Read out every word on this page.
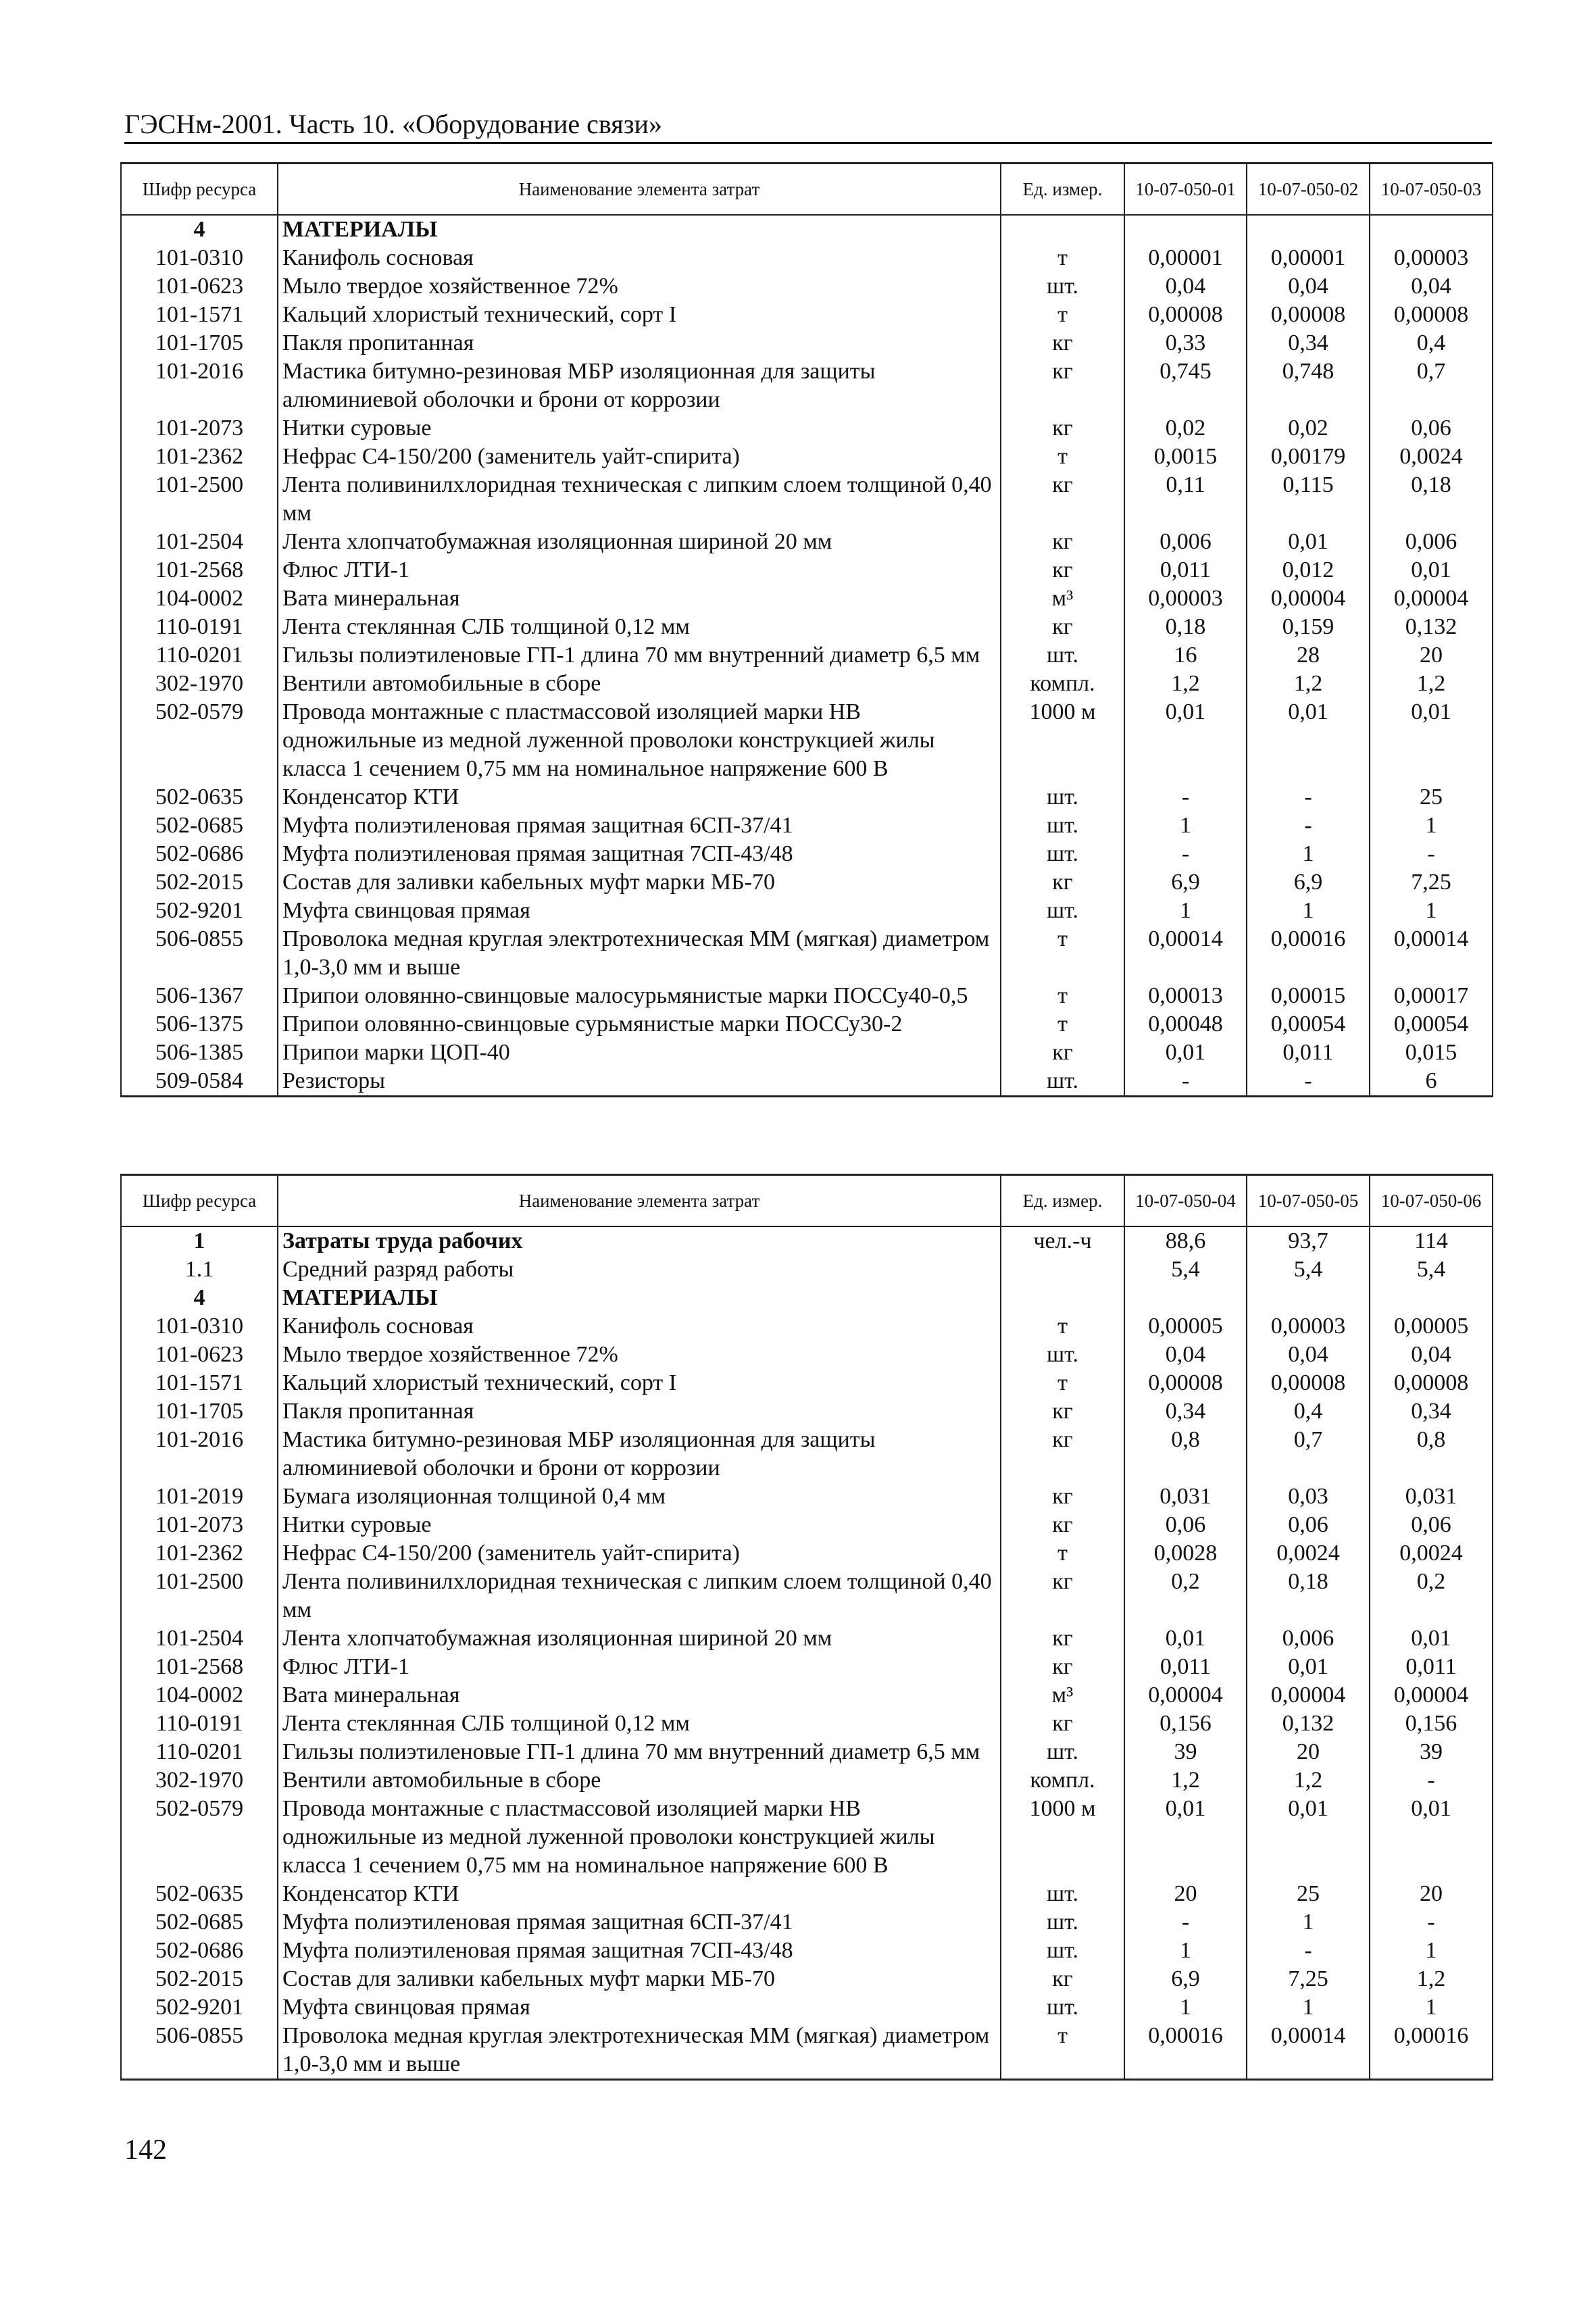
ГЭСНм-2001. Часть 10. «Оборудование связи»
Шифр ресурса	Наименование элемента затрат	Ед. измер.	10-07-050-01	10-07-050-02	10-07-050-03
4	МАТЕРИАЛЫ				
101-0310	Канифоль сосновая	т	0,00001	0,00001	0,00003
101-0623	Мыло твердое хозяйственное 72%	шт.	0,04	0,04	0,04
101-1571	Кальций хлористый технический, сорт I	т	0,00008	0,00008	0,00008
101-1705	Пакля пропитанная	кг	0,33	0,34	0,4
101-2016	Мастика битумно-резиновая МБР изоляционная для защиты алюминиевой оболочки и брони от коррозии	кг	0,745	0,748	0,7
101-2073	Нитки суровые	кг	0,02	0,02	0,06
101-2362	Нефрас С4-150/200 (заменитель уайт-спирита)	т	0,0015	0,00179	0,0024
101-2500	Лента поливинилхлоридная техническая с липким слоем толщиной 0,40 мм	кг	0,11	0,115	0,18
101-2504	Лента хлопчатобумажная изоляционная шириной 20 мм	кг	0,006	0,01	0,006
101-2568	Флюс ЛТИ-1	кг	0,011	0,012	0,01
104-0002	Вата минеральная	м³	0,00003	0,00004	0,00004
110-0191	Лента стеклянная СЛБ толщиной 0,12 мм	кг	0,18	0,159	0,132
110-0201	Гильзы полиэтиленовые ГП-1 длина 70 мм внутренний диаметр 6,5 мм	шт.	16	28	20
302-1970	Вентили автомобильные в сборе	компл.	1,2	1,2	1,2
502-0579	Провода монтажные с пластмассовой изоляцией марки НВ одножильные из медной луженной проволоки конструкцией жилы класса 1 сечением 0,75 мм на номинальное напряжение 600 В	1000 м	0,01	0,01	0,01
502-0635	Конденсатор КТИ	шт.	-	-	25
502-0685	Муфта полиэтиленовая прямая защитная 6СП-37/41	шт.	1	-	1
502-0686	Муфта полиэтиленовая прямая защитная 7СП-43/48	шт.	-	1	-
502-2015	Состав для заливки кабельных муфт марки МБ-70	кг	6,9	6,9	7,25
502-9201	Муфта свинцовая прямая	шт.	1	1	1
506-0855	Проволока медная круглая электротехническая ММ (мягкая) диаметром 1,0-3,0 мм и выше	т	0,00014	0,00016	0,00014
506-1367	Припои оловянно-свинцовые малосурьмянистые марки ПОССу40-0,5	т	0,00013	0,00015	0,00017
506-1375	Припои оловянно-свинцовые сурьмянистые марки ПОССу30-2	т	0,00048	0,00054	0,00054
506-1385	Припои марки ЦОП-40	кг	0,01	0,011	0,015
509-0584	Резисторы	шт.	-	-	6
Шифр ресурса	Наименование элемента затрат	Ед. измер.	10-07-050-04	10-07-050-05	10-07-050-06
1	Затраты труда рабочих	чел.-ч	88,6	93,7	114
1.1	Средний разряд работы		5,4	5,4	5,4
4	МАТЕРИАЛЫ				
101-0310	Канифоль сосновая	т	0,00005	0,00003	0,00005
101-0623	Мыло твердое хозяйственное 72%	шт.	0,04	0,04	0,04
101-1571	Кальций хлористый технический, сорт I	т	0,00008	0,00008	0,00008
101-1705	Пакля пропитанная	кг	0,34	0,4	0,34
101-2016	Мастика битумно-резиновая МБР изоляционная для защиты алюминиевой оболочки и брони от коррозии	кг	0,8	0,7	0,8
101-2019	Бумага изоляционная толщиной 0,4 мм	кг	0,031	0,03	0,031
101-2073	Нитки суровые	кг	0,06	0,06	0,06
101-2362	Нефрас С4-150/200 (заменитель уайт-спирита)	т	0,0028	0,0024	0,0024
101-2500	Лента поливинилхлоридная техническая с липким слоем толщиной 0,40 мм	кг	0,2	0,18	0,2
101-2504	Лента хлопчатобумажная изоляционная шириной 20 мм	кг	0,01	0,006	0,01
101-2568	Флюс ЛТИ-1	кг	0,011	0,01	0,011
104-0002	Вата минеральная	м³	0,00004	0,00004	0,00004
110-0191	Лента стеклянная СЛБ толщиной 0,12 мм	кг	0,156	0,132	0,156
110-0201	Гильзы полиэтиленовые ГП-1 длина 70 мм внутренний диаметр 6,5 мм	шт.	39	20	39
302-1970	Вентили автомобильные в сборе	компл.	1,2	1,2	-
502-0579	Провода монтажные с пластмассовой изоляцией марки НВ одножильные из медной луженной проволоки конструкцией жилы класса 1 сечением 0,75 мм на номинальное напряжение 600 В	1000 м	0,01	0,01	0,01
502-0635	Конденсатор КТИ	шт.	20	25	20
502-0685	Муфта полиэтиленовая прямая защитная 6СП-37/41	шт.	-	1	-
502-0686	Муфта полиэтиленовая прямая защитная 7СП-43/48	шт.	1	-	1
502-2015	Состав для заливки кабельных муфт марки МБ-70	кг	6,9	7,25	1,2
502-9201	Муфта свинцовая прямая	шт.	1	1	1
506-0855	Проволока медная круглая электротехническая ММ (мягкая) диаметром 1,0-3,0 мм и выше	т	0,00016	0,00014	0,00016
142
